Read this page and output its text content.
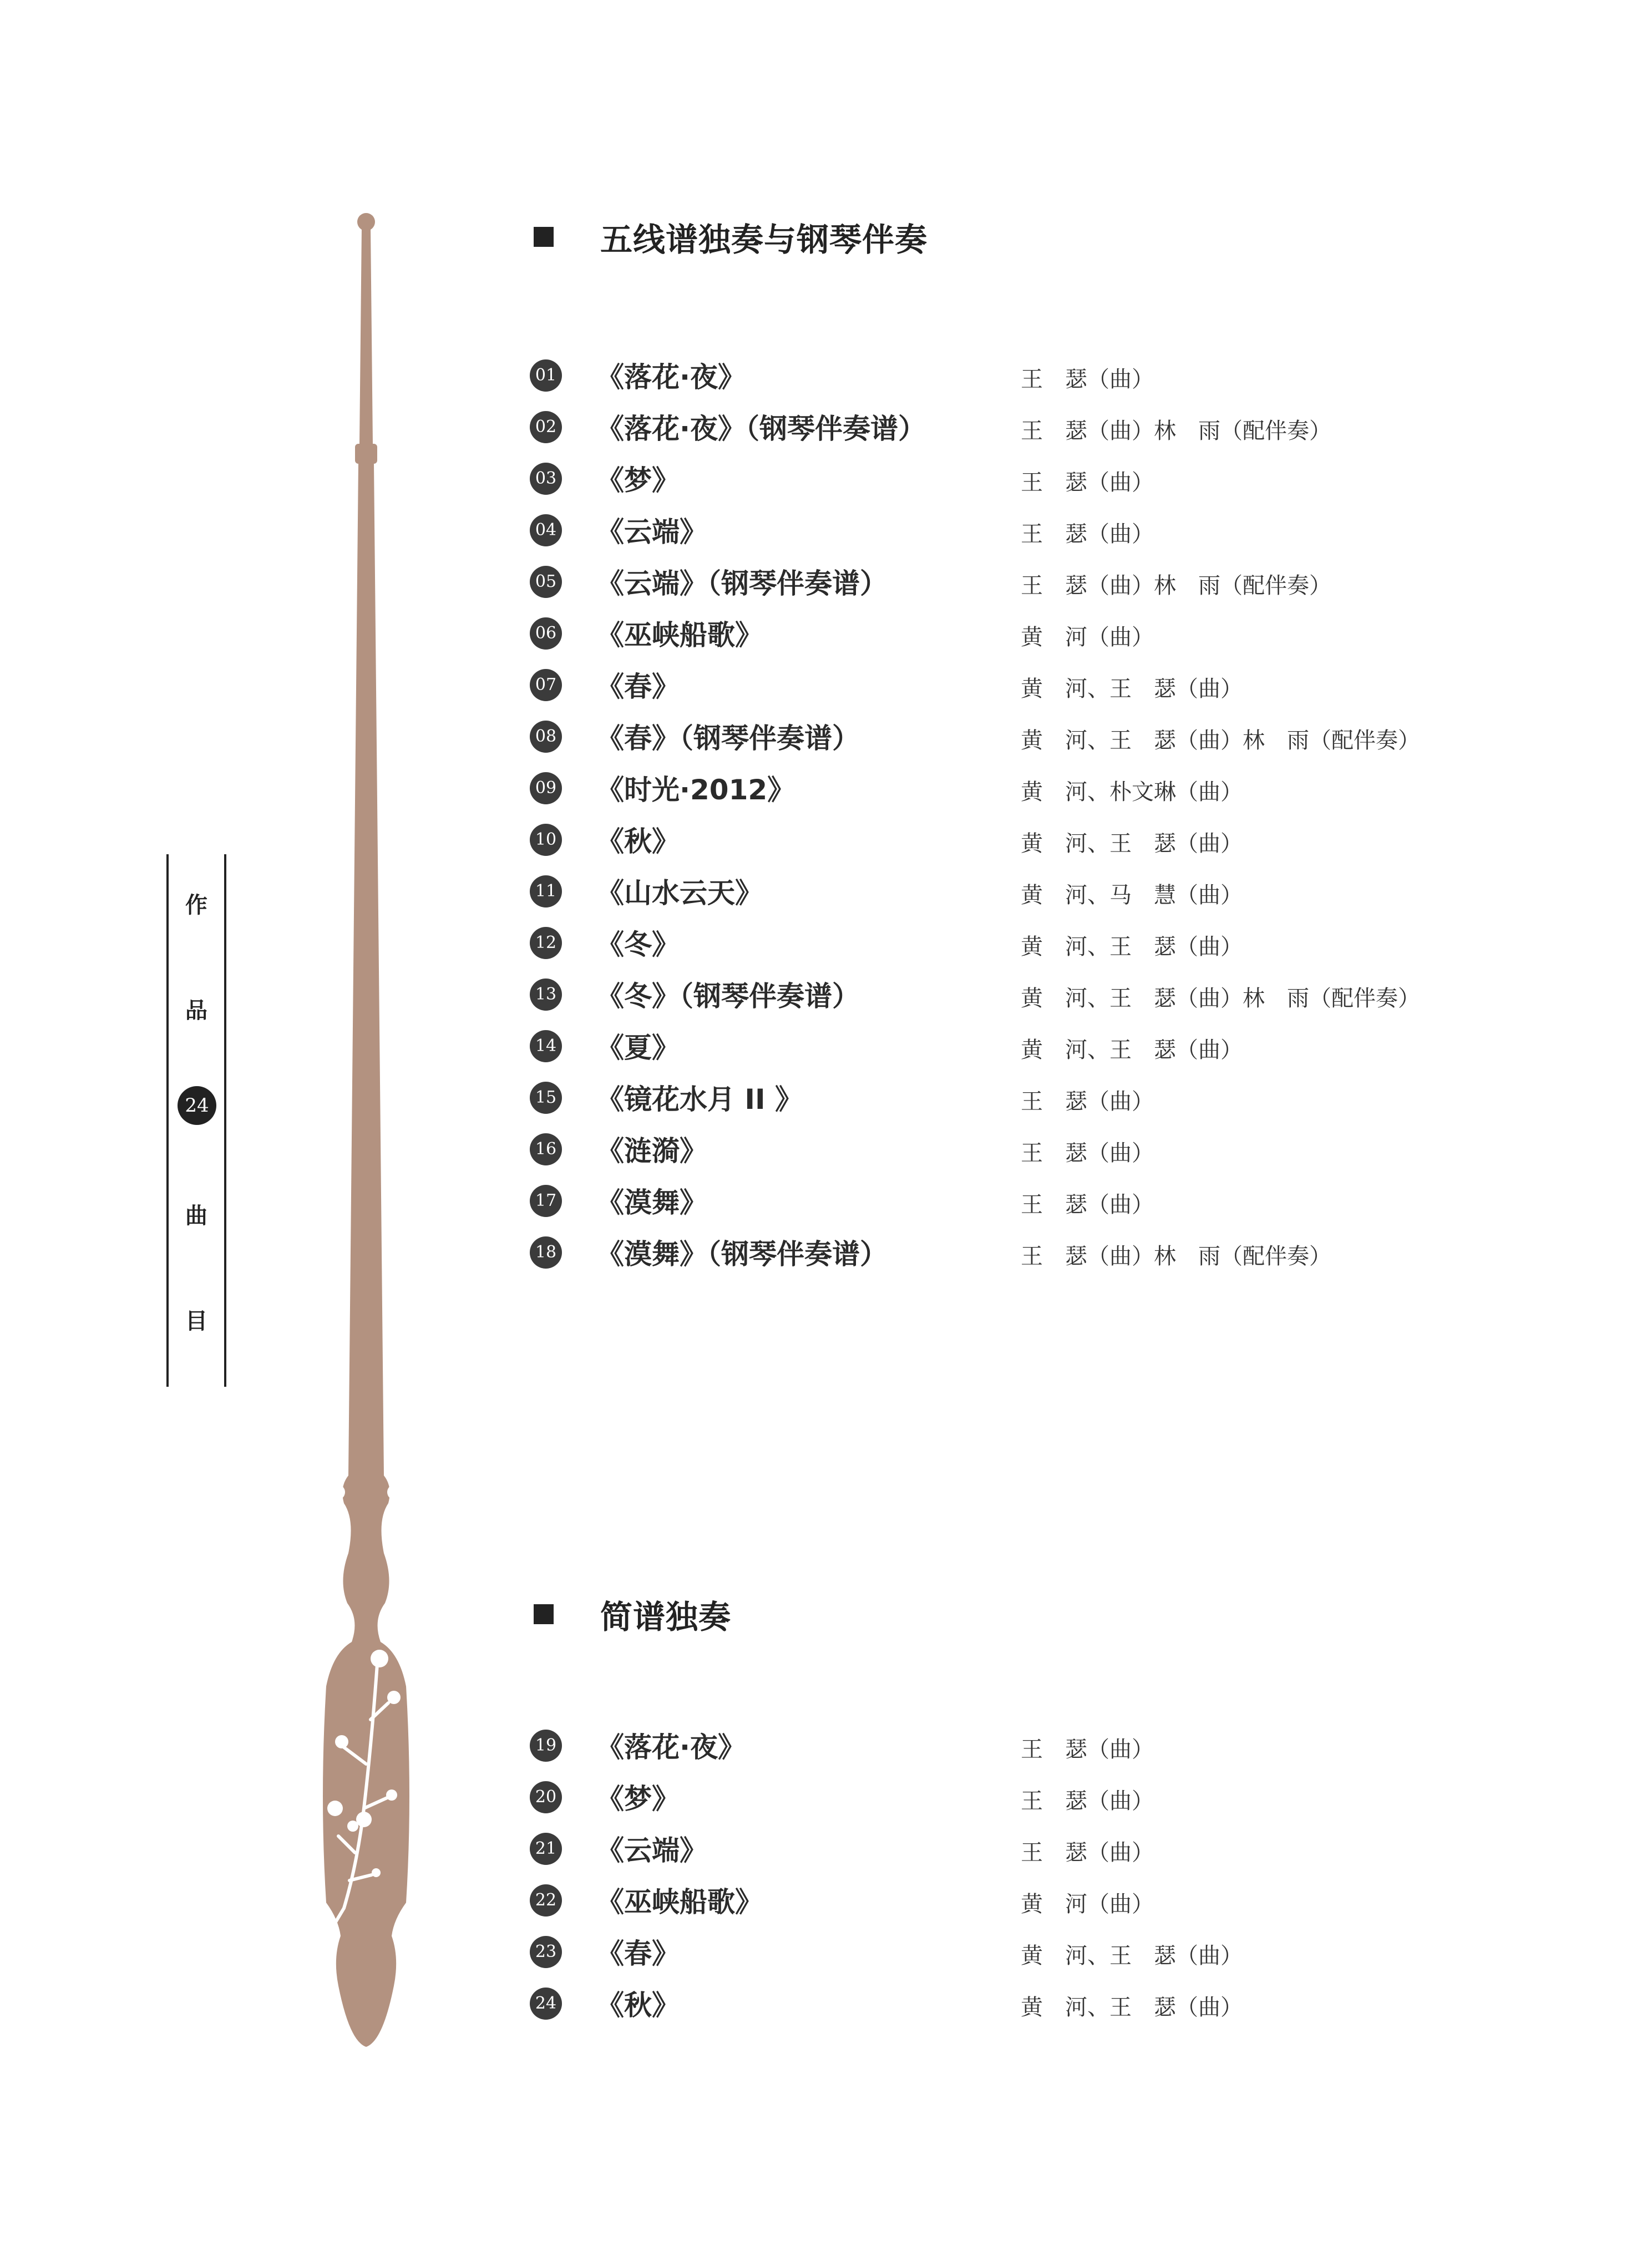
作
品
24
曲
目
五线谱独奏与钢琴伴奏
01 《落花·夜》	王　瑟（曲）
02 《落花·夜》（钢琴伴奏谱）	王　瑟（曲）林　雨（配伴奏）
03 《梦》	王　瑟（曲）
04 《云端》	王　瑟（曲）
05 《云端》（钢琴伴奏谱）	王　瑟（曲）林　雨（配伴奏）
06 《巫峡船歌》	黄　河（曲）
07 《春》	黄　河、王　瑟（曲）
08 《春》（钢琴伴奏谱）	黄　河、王　瑟（曲）林　雨（配伴奏）
09 《时光·2012》	黄　河、朴文琳（曲）
10 《秋》	黄　河、王　瑟（曲）
11 《山水云天》	黄　河、马　慧（曲）
12 《冬》	黄　河、王　瑟（曲）
13 《冬》（钢琴伴奏谱）	黄　河、王　瑟（曲）林　雨（配伴奏）
14 《夏》	黄　河、王　瑟（曲）
15 《镜花水月 II 》	王　瑟（曲）
16 《涟漪》	王　瑟（曲）
17 《漠舞》	王　瑟（曲）
18 《漠舞》（钢琴伴奏谱）	王　瑟（曲）林　雨（配伴奏）
简谱独奏
19 《落花·夜》	王　瑟（曲）
20 《梦》	王　瑟（曲）
21 《云端》	王　瑟（曲）
22 《巫峡船歌》	黄　河（曲）
23 《春》	黄　河、王　瑟（曲）
24 《秋》	黄　河、王　瑟（曲）
